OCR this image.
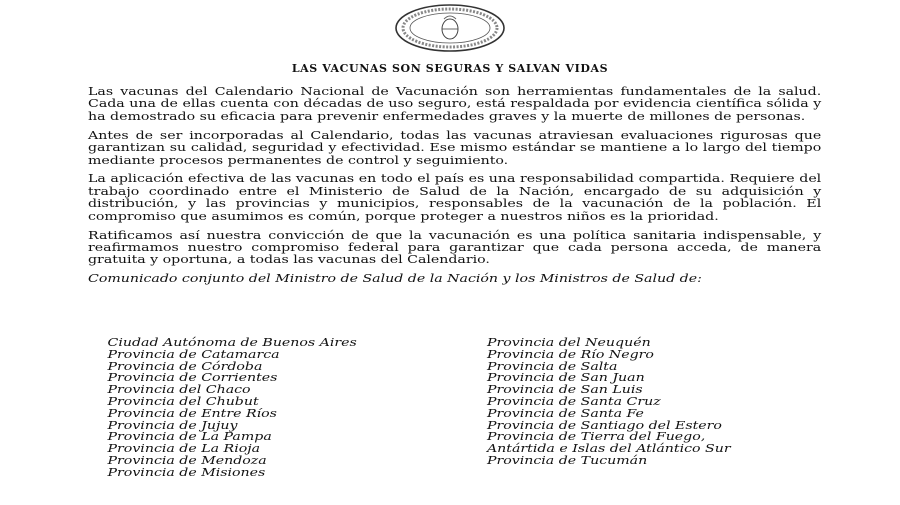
LAS VACUNAS SON SEGURAS Y SALVAN VIDAS

Las vacunas del Calendario Nacional de Vacunación son herramientas fundamentales de la salud. Cada una de ellas cuenta con décadas de uso seguro, está respaldada por evidencia científica sólida y ha demostrado su eficacia para prevenir enfermedades graves y la muerte de millones de personas.

Antes de ser incorporadas al Calendario, todas las vacunas atraviesan evaluaciones rigurosas que garantizan su calidad, seguridad y efectividad. Ese mismo estándar se mantiene a lo largo del tiempo mediante procesos permanentes de control y seguimiento.

La aplicación efectiva de las vacunas en todo el país es una responsabilidad compartida. Requiere del trabajo coordinado entre el Ministerio de Salud de la Nación, encargado de su adquisición y distribución, y las provincias y municipios, responsables de la vacunación de la población. El compromiso que asumimos es común, porque proteger a nuestros niños es la prioridad.

Ratificamos así nuestra convicción de que la vacunación es una política sanitaria indispensable, y reafirmamos nuestro compromiso federal para garantizar que cada persona acceda, de manera gratuita y oportuna, a todas las vacunas del Calendario.

Comunicado conjunto del Ministro de Salud de la Nación y los Ministros de Salud de:

Ciudad Autónoma de Buenos Aires
Provincia de Catamarca
Provincia de Córdoba
Provincia de Corrientes
Provincia del Chaco
Provincia del Chubut
Provincia de Entre Ríos
Provincia de Jujuy
Provincia de La Pampa
Provincia de La Rioja
Provincia de Mendoza
Provincia de Misiones
Provincia del Neuquén
Provincia de Río Negro
Provincia de Salta
Provincia de San Juan
Provincia de San Luis
Provincia de Santa Cruz
Provincia de Santa Fe
Provincia de Santiago del Estero
Provincia de Tierra del Fuego,
Antártida e Islas del Atlántico Sur
Provincia de Tucumán
